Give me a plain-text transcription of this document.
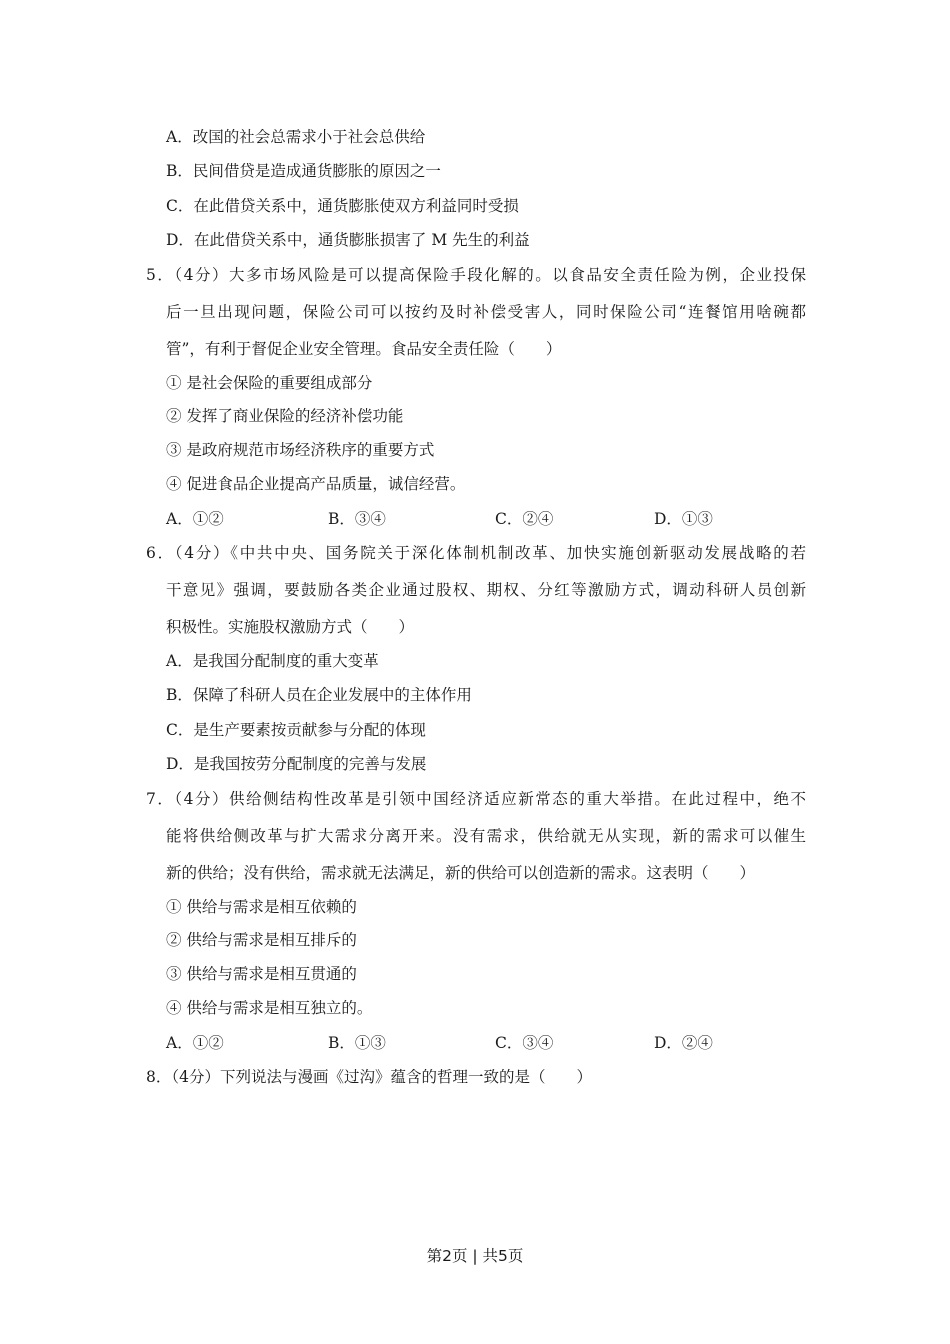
A．改国的社会总需求小于社会总供给
B．民间借贷是造成通货膨胀的原因之一
C．在此借贷关系中，通货膨胀使双方利益同时受损
D．在此借贷关系中，通货膨胀损害了 M 先生的利益
5．（4分）大多市场风险是可以提高保险手段化解的。以食品安全责任险为例，企业投保
后一旦出现问题，保险公司可以按约及时补偿受害人，同时保险公司“连餐馆用啥碗都
管”，有利于督促企业安全管理。食品安全责任险（　　）
① 是社会保险的重要组成部分
② 发挥了商业保险的经济补偿功能
③ 是政府规范市场经济秩序的重要方式
④ 促进食品企业提高产品质量，诚信经营。
A．①②	B．③④	C．②④	D．①③
6．（4分）《中共中央、国务院关于深化体制机制改革、加快实施创新驱动发展战略的若
干意见》强调，要鼓励各类企业通过股权、期权、分红等激励方式，调动科研人员创新
积极性。实施股权激励方式（　　）
A．是我国分配制度的重大变革
B．保障了科研人员在企业发展中的主体作用
C．是生产要素按贡献参与分配的体现
D．是我国按劳分配制度的完善与发展
7．（4分）供给侧结构性改革是引领中国经济适应新常态的重大举措。在此过程中，绝不
能将供给侧改革与扩大需求分离开来。没有需求，供给就无从实现，新的需求可以催生
新的供给；没有供给，需求就无法满足，新的供给可以创造新的需求。这表明（　　）
① 供给与需求是相互依赖的
② 供给与需求是相互排斥的
③ 供给与需求是相互贯通的
④ 供给与需求是相互独立的。
A．①②	B．①③	C．③④	D．②④
8．（4分）下列说法与漫画《过沟》蕴含的哲理一致的是（　　）
第2页 | 共5页
